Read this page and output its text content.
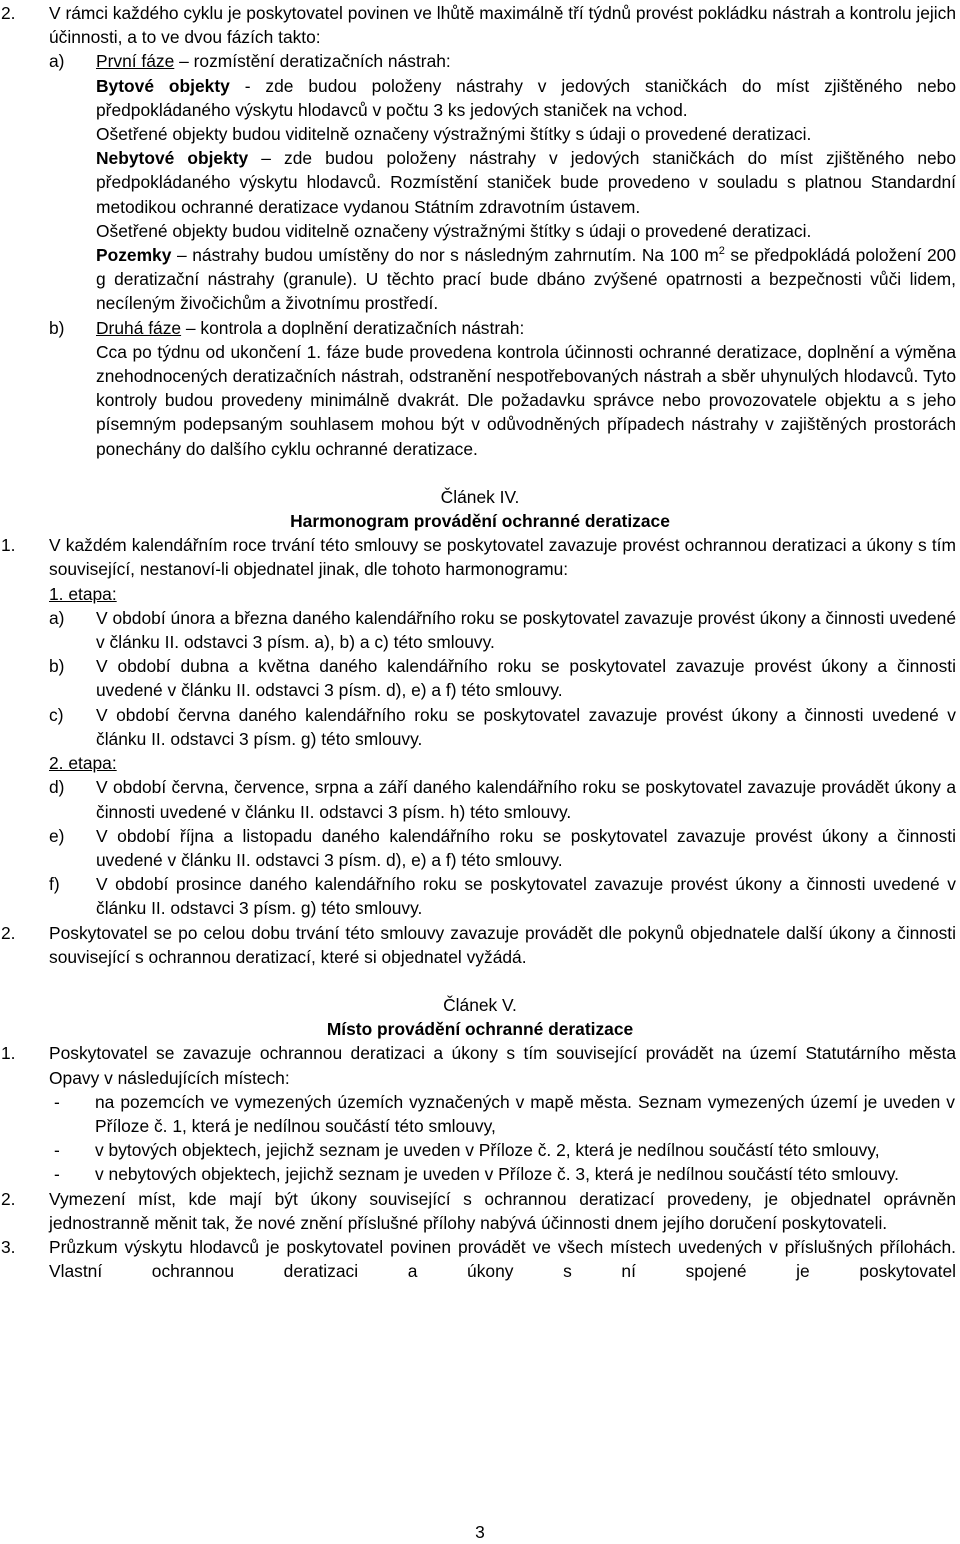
2.	V rámci každého cyklu je poskytovatel povinen ve lhůtě maximálně tří týdnů provést pokládku nástrah a kontrolu jejich účinnosti, a to ve dvou fázích takto:
a)	První fáze – rozmístění deratizačních nástrah:
Bytové objekty - zde budou položeny nástrahy v jedových staničkách do míst zjištěného nebo předpokládaného výskytu hlodavců v počtu 3 ks jedových staniček na vchod.
Ošetřené objekty budou viditelně označeny výstražnými štítky s údaji o provedené deratizaci.
Nebytové objekty – zde budou položeny nástrahy v jedových staničkách do míst zjištěného nebo předpokládaného výskytu hlodavců. Rozmístění staniček bude provedeno v souladu s platnou Standardní metodikou ochranné deratizace vydanou Státním zdravotním ústavem.
Ošetřené objekty budou viditelně označeny výstražnými štítky s údaji o provedené deratizaci.
Pozemky – nástrahy budou umístěny do nor s následným zahrnutím. Na 100 $m^2$ se předpokládá položení 200 g deratizační nástrahy (granule). U těchto prací bude dbáno zvýšené opatrnosti a bezpečnosti vůči lidem, necíleným živočichům a životnímu prostředí.
b)	Druhá fáze – kontrola a doplnění deratizačních nástrah:
Cca po týdnu od ukončení 1. fáze bude provedena kontrola účinnosti ochranné deratizace, doplnění a výměna znehodnocených deratizačních nástrah, odstranění nespotřebovaných nástrah a sběr uhynulých hlodavců. Tyto kontroly budou provedeny minimálně dvakrát. Dle požadavku správce nebo provozovatele objektu a s jeho písemným podepsaným souhlasem mohou být v odůvodněných případech nástrahy v zajištěných prostorách ponechány do dalšího cyklu ochranné deratizace.
Článek IV.
Harmonogram provádění ochranné deratizace
1.	V každém kalendářním roce trvání této smlouvy se poskytovatel zavazuje provést ochrannou deratizaci a úkony s tím související, nestanoví-li objednatel jinak, dle tohoto harmonogramu:
1. etapa:
a)	V období února a března daného kalendářního roku se poskytovatel zavazuje provést úkony a činnosti uvedené v článku II. odstavci 3 písm. a), b) a c) této smlouvy.
b)	V období dubna a května daného kalendářního roku se poskytovatel zavazuje provést úkony a činnosti uvedené v článku II. odstavci 3 písm. d), e) a f) této smlouvy.
c)	V období června daného kalendářního roku se poskytovatel zavazuje provést úkony a činnosti uvedené v článku II. odstavci 3 písm. g) této smlouvy.
2. etapa:
d)	V období června, července, srpna a září daného kalendářního roku se poskytovatel zavazuje provádět úkony a činnosti uvedené v článku II. odstavci 3 písm. h) této smlouvy.
e)	V období října a listopadu daného kalendářního roku se poskytovatel zavazuje provést úkony a činnosti uvedené v článku II. odstavci 3 písm. d), e) a f) této smlouvy.
f)	V období prosince daného kalendářního roku se poskytovatel zavazuje provést úkony a činnosti uvedené v článku II. odstavci 3 písm. g) této smlouvy.
2.	Poskytovatel se po celou dobu trvání této smlouvy zavazuje provádět dle pokynů objednatele další úkony a činnosti související s ochrannou deratizací, které si objednatel vyžádá.
Článek V.
Místo provádění ochranné deratizace
1.	Poskytovatel se zavazuje ochrannou deratizaci a úkony s tím související provádět na území Statutárního města Opavy v následujících místech:
-	na pozemcích ve vymezených územích vyznačených v mapě města. Seznam vymezených území je uveden v Příloze č. 1, která je nedílnou součástí této smlouvy,
-	v bytových objektech, jejichž seznam je uveden v Příloze č. 2, která je nedílnou součástí této smlouvy,
-	v nebytových objektech, jejichž seznam je uveden v Příloze č. 3, která je nedílnou součástí této smlouvy.
2.	Vymezení míst, kde mají být úkony související s ochrannou deratizací provedeny, je objednatel oprávněn jednostranně měnit tak, že nové znění příslušné přílohy nabývá účinnosti dnem jejího doručení poskytovateli.
3.	Průzkum výskytu hlodavců je poskytovatel povinen provádět ve všech místech uvedených v příslušných přílohách. Vlastní ochrannou deratizaci a úkony s ní spojené je poskytovatel
3
